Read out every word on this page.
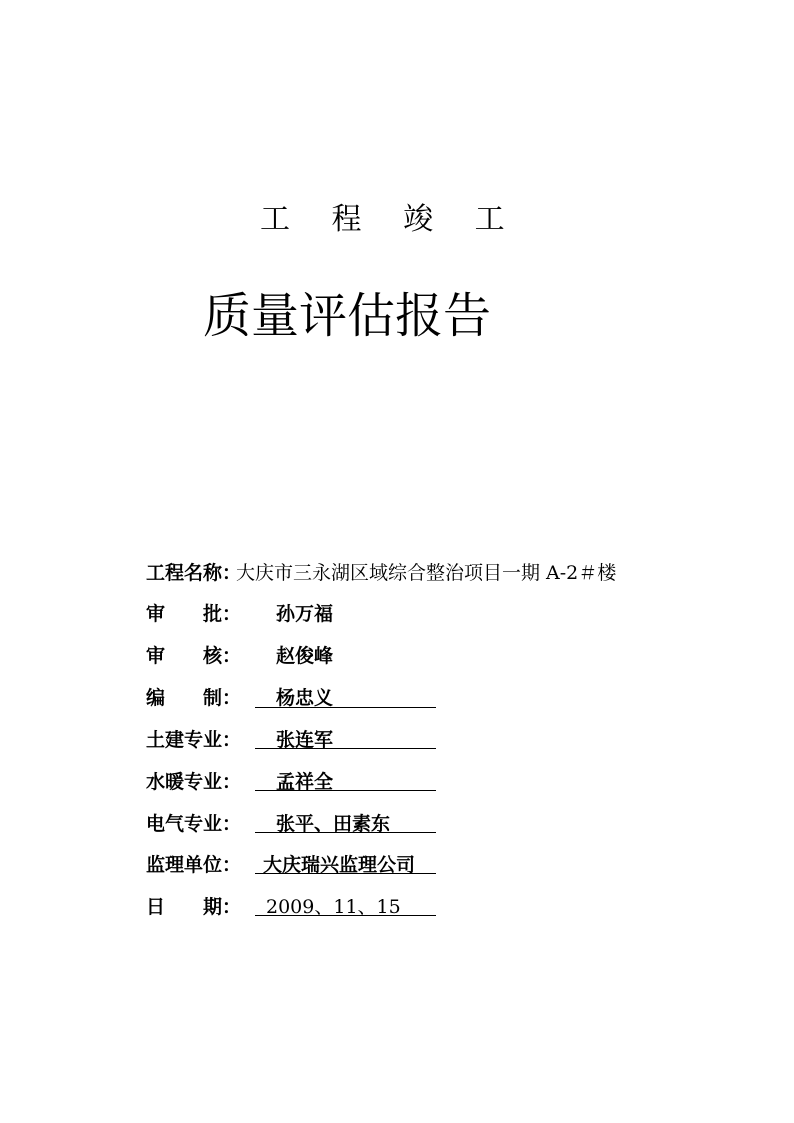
工 程 竣 工
质量评估报告
工程名称：
大庆市三永湖区域综合整治项目一期 A-2＃楼
审　　批： 孙万福
审　　核： 赵俊峰
编　　制： 杨忠义
土建专业： 张连军
水暖专业： 孟祥全
电气专业： 张平、田素东
监理单位： 大庆瑞兴监理公司
日　　期： 2009、11、15
